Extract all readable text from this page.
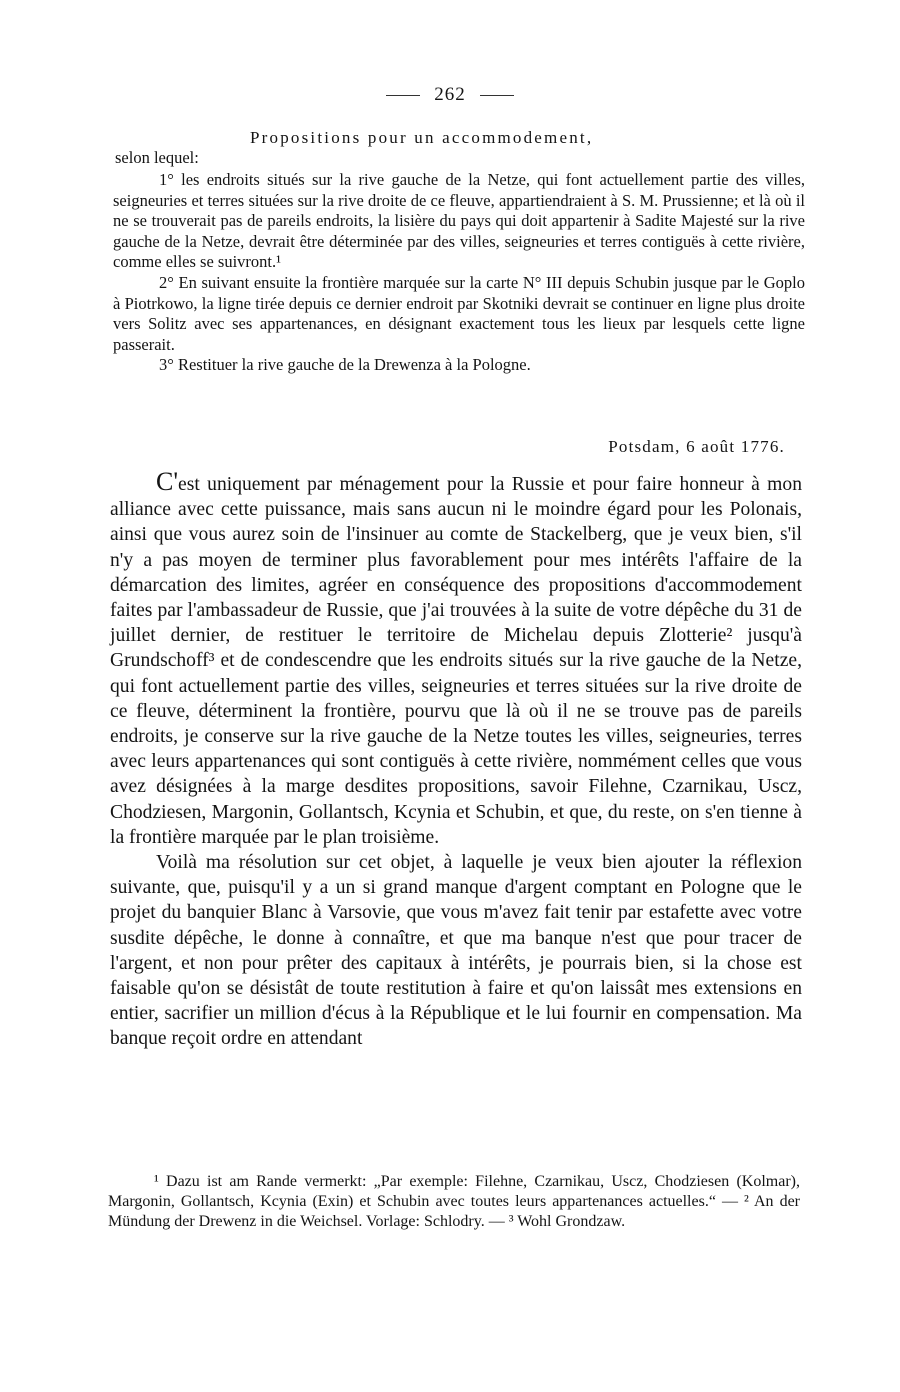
262
Propositions pour un accommodement,
selon lequel:

1° les endroits situés sur la rive gauche de la Netze, qui font actuellement partie des villes, seigneuries et terres situées sur la rive droite de ce fleuve, appartiendraient à S. M. Prussienne; et là où il ne se trouverait pas de pareils endroits, la lisière du pays qui doit appartenir à Sadite Majesté sur la rive gauche de la Netze, devrait être déterminée par des villes, seigneuries et terres contiguës à cette rivière, comme elles se suivront.¹

2° En suivant ensuite la frontière marquée sur la carte N° III depuis Schubin jusque par le Goplo à Piotrkowo, la ligne tirée depuis ce dernier endroit par Skotniki devrait se continuer en ligne plus droite vers Solitz avec ses appartenances, en désignant exactement tous les lieux par lesquels cette ligne passerait.

3° Restituer la rive gauche de la Drewenza à la Pologne.

Potsdam, 6 août 1776.

C'est uniquement par ménagement pour la Russie et pour faire honneur à mon alliance avec cette puissance, mais sans aucun ni le moindre égard pour les Polonais, ainsi que vous aurez soin de l'insinuer au comte de Stackelberg, que je veux bien, s'il n'y a pas moyen de terminer plus favorablement pour mes intérêts l'affaire de la démarcation des limites, agréer en conséquence des propositions d'accommodement faites par l'ambassadeur de Russie, que j'ai trouvées à la suite de votre dépêche du 31 de juillet dernier, de restituer le territoire de Michelau depuis Zlotterie² jusqu'à Grundschoff³ et de condescendre que les endroits situés sur la rive gauche de la Netze, qui font actuellement partie des villes, seigneuries et terres situées sur la rive droite de ce fleuve, déterminent la frontière, pourvu que là où il ne se trouve pas de pareils endroits, je conserve sur la rive gauche de la Netze toutes les villes, seigneuries, terres avec leurs appartenances qui sont contiguës à cette rivière, nommément celles que vous avez désignées à la marge desdites propositions, savoir Filehne, Czarnikau, Uscz, Chodziesen, Margonin, Gollantsch, Kcynia et Schubin, et que, du reste, on s'en tienne à la frontière marquée par le plan troisième.

Voilà ma résolution sur cet objet, à laquelle je veux bien ajouter la réflexion suivante, que, puisqu'il y a un si grand manque d'argent comptant en Pologne que le projet du banquier Blanc à Varsovie, que vous m'avez fait tenir par estafette avec votre susdite dépêche, le donne à connaître, et que ma banque n'est que pour tracer de l'argent, et non pour prêter des capitaux à intérêts, je pourrais bien, si la chose est faisable qu'on se désistât de toute restitution à faire et qu'on laissât mes extensions en entier, sacrifier un million d'écus à la République et le lui fournir en compensation. Ma banque reçoit ordre en attendant

¹ Dazu ist am Rande vermerkt: „Par exemple: Filehne, Czarnikau, Uscz, Chodziesen (Kolmar), Margonin, Gollantsch, Kcynia (Exin) et Schubin avec toutes leurs appartenances actuelles.“ — ² An der Mündung der Drewenz in die Weichsel. Vorlage: Schlodry. — ³ Wohl Grondzaw.
